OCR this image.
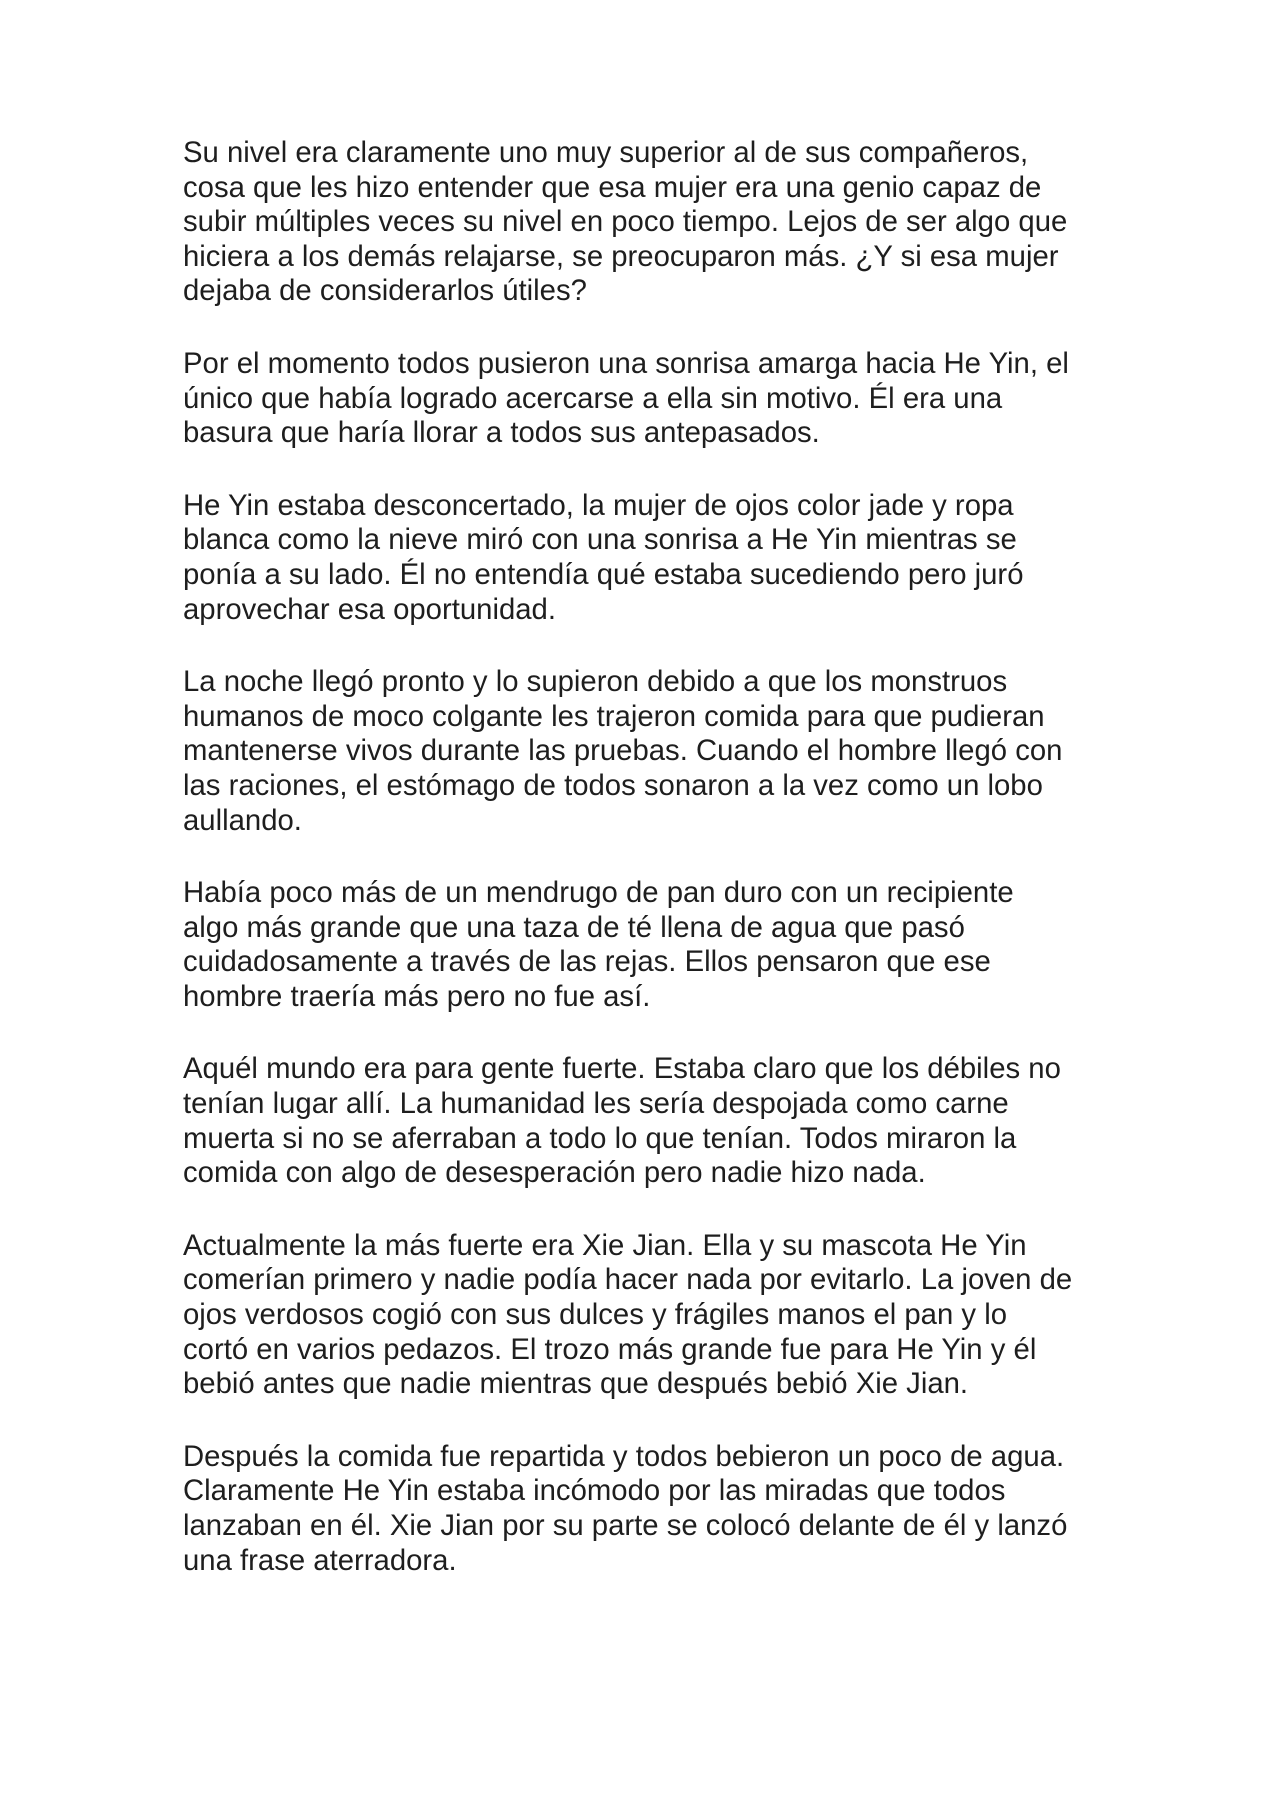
Su nivel era claramente uno muy superior al de sus compañeros,
cosa que les hizo entender que esa mujer era una genio capaz de
subir múltiples veces su nivel en poco tiempo. Lejos de ser algo que
hiciera a los demás relajarse, se preocuparon más. ¿Y si esa mujer
dejaba de considerarlos útiles?

Por el momento todos pusieron una sonrisa amarga hacia He Yin, el
único que había logrado acercarse a ella sin motivo. Él era una
basura que haría llorar a todos sus antepasados.

He Yin estaba desconcertado, la mujer de ojos color jade y ropa
blanca como la nieve miró con una sonrisa a He Yin mientras se
ponía a su lado. Él no entendía qué estaba sucediendo pero juró
aprovechar esa oportunidad.

La noche llegó pronto y lo supieron debido a que los monstruos
humanos de moco colgante les trajeron comida para que pudieran
mantenerse vivos durante las pruebas. Cuando el hombre llegó con
las raciones, el estómago de todos sonaron a la vez como un lobo
aullando.

Había poco más de un mendrugo de pan duro con un recipiente
algo más grande que una taza de té llena de agua que pasó
cuidadosamente a través de las rejas. Ellos pensaron que ese
hombre traería más pero no fue así.

Aquél mundo era para gente fuerte. Estaba claro que los débiles no
tenían lugar allí. La humanidad les sería despojada como carne
muerta si no se aferraban a todo lo que tenían. Todos miraron la
comida con algo de desesperación pero nadie hizo nada.

Actualmente la más fuerte era Xie Jian. Ella y su mascota He Yin
comerían primero y nadie podía hacer nada por evitarlo. La joven de
ojos verdosos cogió con sus dulces y frágiles manos el pan y lo
cortó en varios pedazos. El trozo más grande fue para He Yin y él
bebió antes que nadie mientras que después bebió Xie Jian.

Después la comida fue repartida y todos bebieron un poco de agua.
Claramente He Yin estaba incómodo por las miradas que todos
lanzaban en él. Xie Jian por su parte se colocó delante de él y lanzó
una frase aterradora.
